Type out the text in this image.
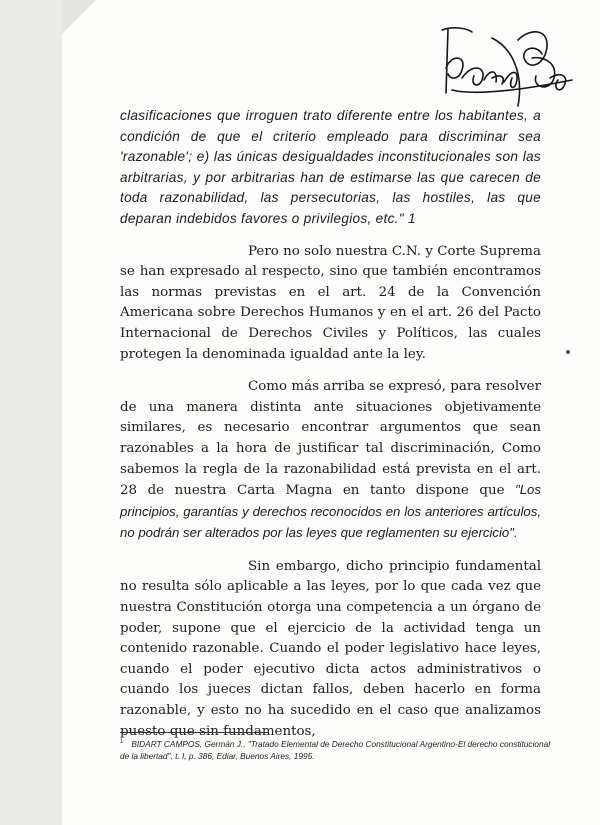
clasificaciones que irroguen trato diferente entre los habitantes, a condición de que el criterio empleado para discriminar sea 'razonable'; e) las únicas desigualdades inconstitucionales son las arbitrarias, y por arbitrarias han de estimarse las que carecen de toda razonabilidad, las persecutorias, las hostiles, las que deparan indebidos favores o privilegios, etc." 1

Pero no solo nuestra C.N. y Corte Suprema se han expresado al respecto, sino que también encontramos las normas previstas en el art. 24 de la Convención Americana sobre Derechos Humanos y en el art. 26 del Pacto Internacional de Derechos Civiles y Políticos, las cuales protegen la denominada igualdad ante la ley.

Como más arriba se expresó, para resolver de una manera distinta ante situaciones objetivamente similares, es necesario encontrar argumentos que sean razonables a la hora de justificar tal discriminación, Como sabemos la regla de la razonabilidad está prevista en el art. 28 de nuestra Carta Magna en tanto dispone que "Los principios, garantías y derechos reconocidos en los anteriores artículos, no podrán ser alterados por las leyes que reglamenten su ejercicio".

Sin embargo, dicho principio fundamental no resulta sólo aplicable a las leyes, por lo que cada vez que nuestra Constitución otorga una competencia a un órgano de poder, supone que el ejercicio de la actividad tenga un contenido razonable. Cuando el poder legislativo hace leyes, cuando el poder ejecutivo dicta actos administrativos o cuando los jueces dictan fallos, deben hacerlo en forma razonable, y esto no ha sucedido en el caso que analizamos puesto que sin fundamentos,

$^1$ BIDART CAMPOS, Germán J., "Tratado Elemental de Derecho Constitucional Argentino-El derecho constitucional de la libertad", t. I, p. 386, Ediar, Buenos Aires, 1995.
